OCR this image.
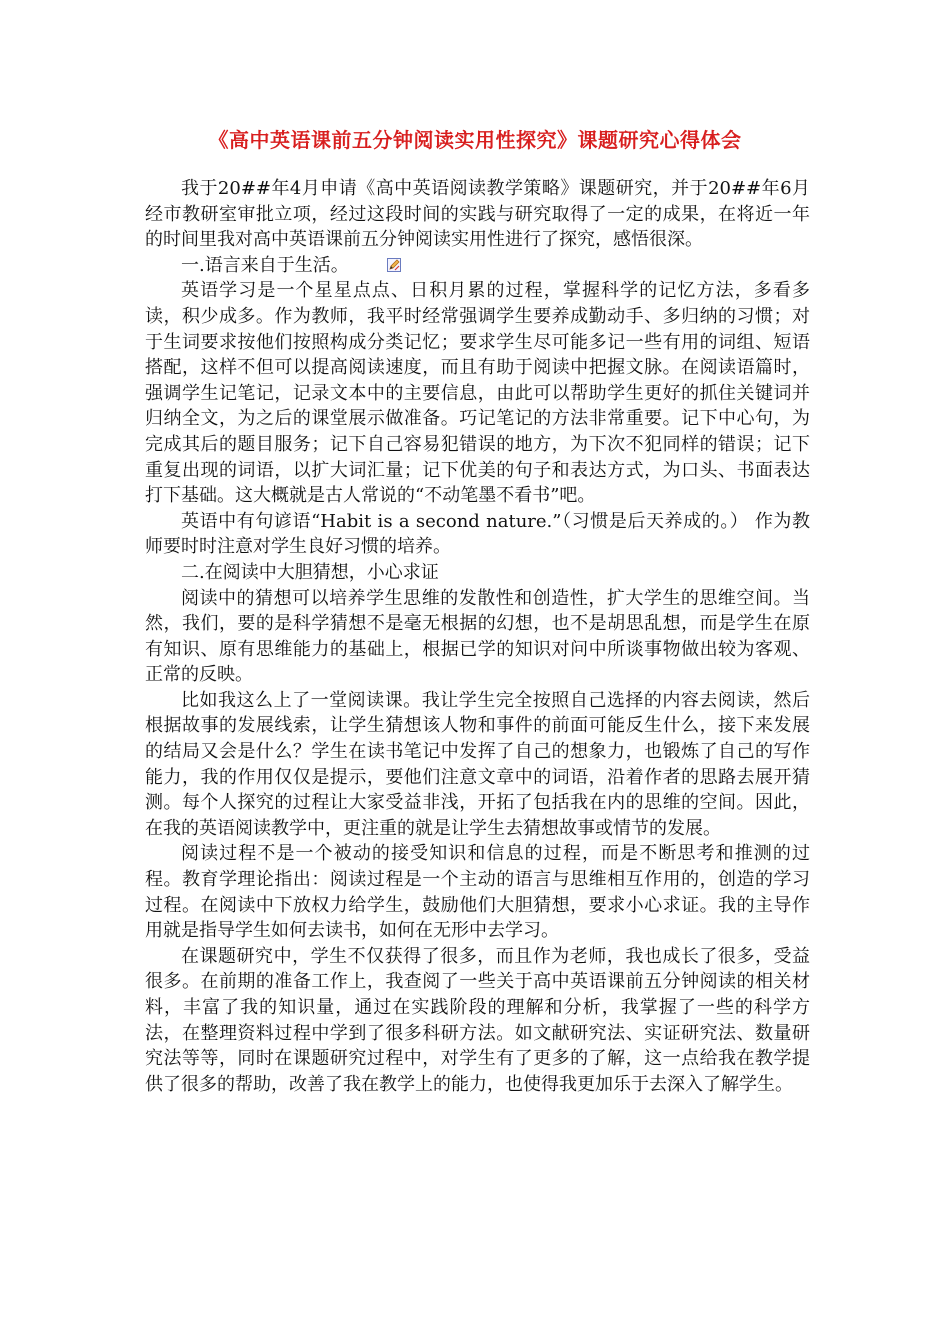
《高中英语课前五分钟阅读实用性探究》课题研究心得体会

我于20##年4月申请《高中英语阅读教学策略》课题研究，并于20##年6月经市教研室审批立项，经过这段时间的实践与研究取得了一定的成果，在将近一年的时间里我对高中英语课前五分钟阅读实用性进行了探究，感悟很深。

一.语言来自于生活。

英语学习是一个星星点点、日积月累的过程，掌握科学的记忆方法，多看多读，积少成多。作为教师，我平时经常强调学生要养成勤动手、多归纳的习惯；对于生词要求按他们按照构成分类记忆；要求学生尽可能多记一些有用的词组、短语搭配，这样不但可以提高阅读速度，而且有助于阅读中把握文脉。在阅读语篇时，强调学生记笔记，记录文本中的主要信息，由此可以帮助学生更好的抓住关键词并归纳全文，为之后的课堂展示做准备。巧记笔记的方法非常重要。记下中心句，为完成其后的题目服务；记下自己容易犯错误的地方，为下次不犯同样的错误；记下重复出现的词语，以扩大词汇量；记下优美的句子和表达方式，为口头、书面表达打下基础。这大概就是古人常说的“不动笔墨不看书”吧。

英语中有句谚语“Habit is a second nature.”（习惯是后天养成的。） 作为教师要时时注意对学生良好习惯的培养。

二.在阅读中大胆猜想，小心求证

阅读中的猜想可以培养学生思维的发散性和创造性，扩大学生的思维空间。当然，我们，要的是科学猜想不是毫无根据的幻想，也不是胡思乱想，而是学生在原有知识、原有思维能力的基础上，根据已学的知识对问中所谈事物做出较为客观、正常的反映。

比如我这么上了一堂阅读课。我让学生完全按照自己选择的内容去阅读，然后根据故事的发展线索，让学生猜想该人物和事件的前面可能反生什么，接下来发展的结局又会是什么？学生在读书笔记中发挥了自己的想象力，也锻炼了自己的写作能力，我的作用仅仅是提示，要他们注意文章中的词语，沿着作者的思路去展开猜测。每个人探究的过程让大家受益非浅，开拓了包括我在内的思维的空间。因此，在我的英语阅读教学中，更注重的就是让学生去猜想故事或情节的发展。

阅读过程不是一个被动的接受知识和信息的过程，而是不断思考和推测的过程。教育学理论指出：阅读过程是一个主动的语言与思维相互作用的，创造的学习过程。在阅读中下放权力给学生，鼓励他们大胆猜想，要求小心求证。我的主导作用就是指导学生如何去读书，如何在无形中去学习。

在课题研究中，学生不仅获得了很多，而且作为老师，我也成长了很多，受益很多。在前期的准备工作上，我查阅了一些关于高中英语课前五分钟阅读的相关材料，丰富了我的知识量，通过在实践阶段的理解和分析，我掌握了一些的科学方法，在整理资料过程中学到了很多科研方法。如文献研究法、实证研究法、数量研究法等等，同时在课题研究过程中，对学生有了更多的了解，这一点给我在教学提供了很多的帮助，改善了我在教学上的能力，也使得我更加乐于去深入了解学生。
